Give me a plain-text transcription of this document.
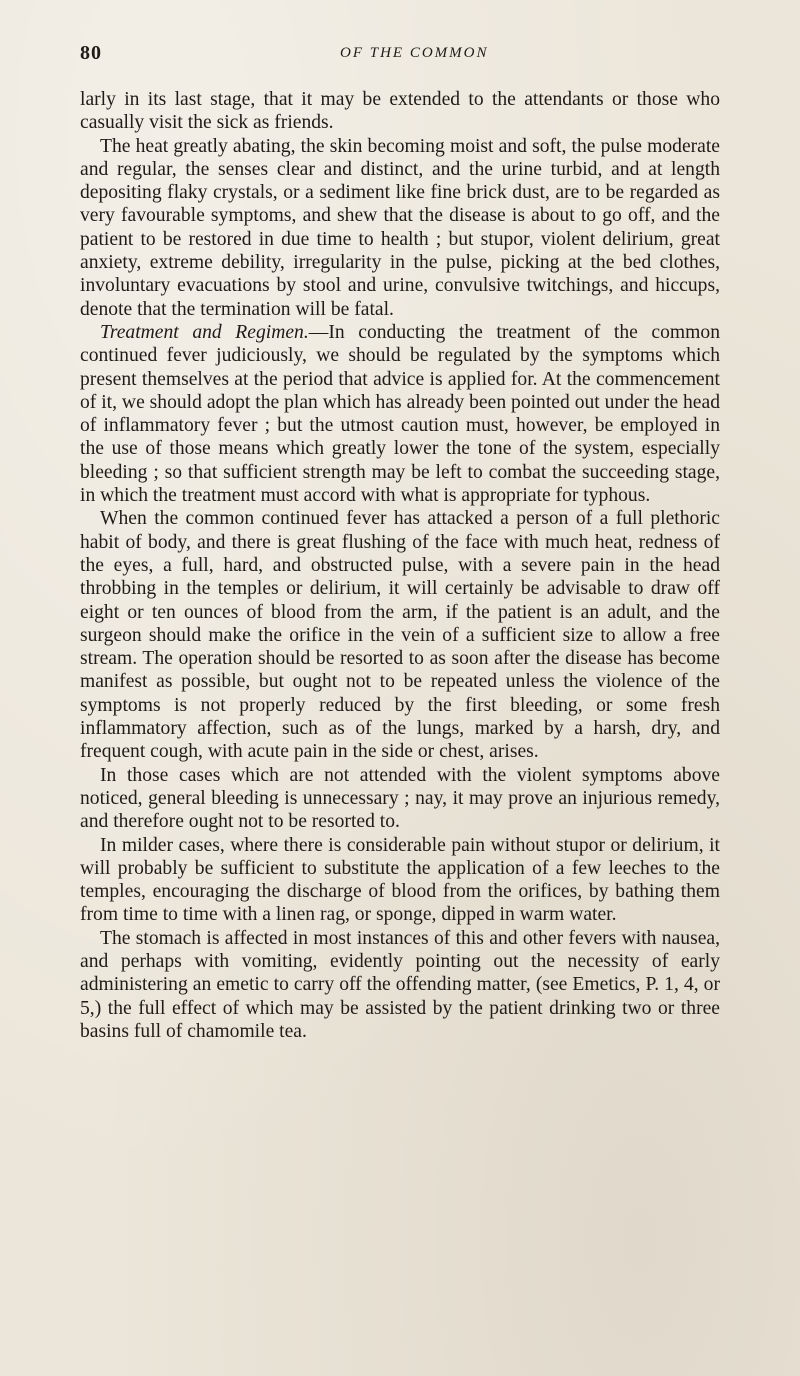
80	OF THE COMMON

larly in its last stage, that it may be extended to the attendants or those who casually visit the sick as friends.

The heat greatly abating, the skin becoming moist and soft, the pulse moderate and regular, the senses clear and distinct, and the urine turbid, and at length depositing flaky crystals, or a sediment like fine brick dust, are to be regarded as very favourable symptoms, and shew that the disease is about to go off, and the patient to be restored in due time to health ; but stupor, violent delirium, great anxiety, extreme debility, irregularity in the pulse, picking at the bed clothes, involuntary evacuations by stool and urine, convulsive twitchings, and hiccups, denote that the termination will be fatal.

Treatment and Regimen.—In conducting the treatment of the common continued fever judiciously, we should be regulated by the symptoms which present themselves at the period that advice is applied for. At the commencement of it, we should adopt the plan which has already been pointed out under the head of inflammatory fever ; but the utmost caution must, however, be employed in the use of those means which greatly lower the tone of the system, especially bleeding ; so that sufficient strength may be left to combat the succeeding stage, in which the treatment must accord with what is appropriate for typhous.

When the common continued fever has attacked a person of a full plethoric habit of body, and there is great flushing of the face with much heat, redness of the eyes, a full, hard, and obstructed pulse, with a severe pain in the head throbbing in the temples or delirium, it will certainly be advisable to draw off eight or ten ounces of blood from the arm, if the patient is an adult, and the surgeon should make the orifice in the vein of a sufficient size to allow a free stream. The operation should be resorted to as soon after the disease has become manifest as possible, but ought not to be repeated unless the violence of the symptoms is not properly reduced by the first bleeding, or some fresh inflammatory affection, such as of the lungs, marked by a harsh, dry, and frequent cough, with acute pain in the side or chest, arises.

In those cases which are not attended with the violent symptoms above noticed, general bleeding is unnecessary ; nay, it may prove an injurious remedy, and therefore ought not to be resorted to.

In milder cases, where there is considerable pain without stupor or delirium, it will probably be sufficient to substitute the application of a few leeches to the temples, encouraging the discharge of blood from the orifices, by bathing them from time to time with a linen rag, or sponge, dipped in warm water.

The stomach is affected in most instances of this and other fevers with nausea, and perhaps with vomiting, evidently pointing out the necessity of early administering an emetic to carry off the offending matter, (see Emetics, P. 1, 4, or 5,) the full effect of which may be assisted by the patient drinking two or three basins full of chamomile tea.
